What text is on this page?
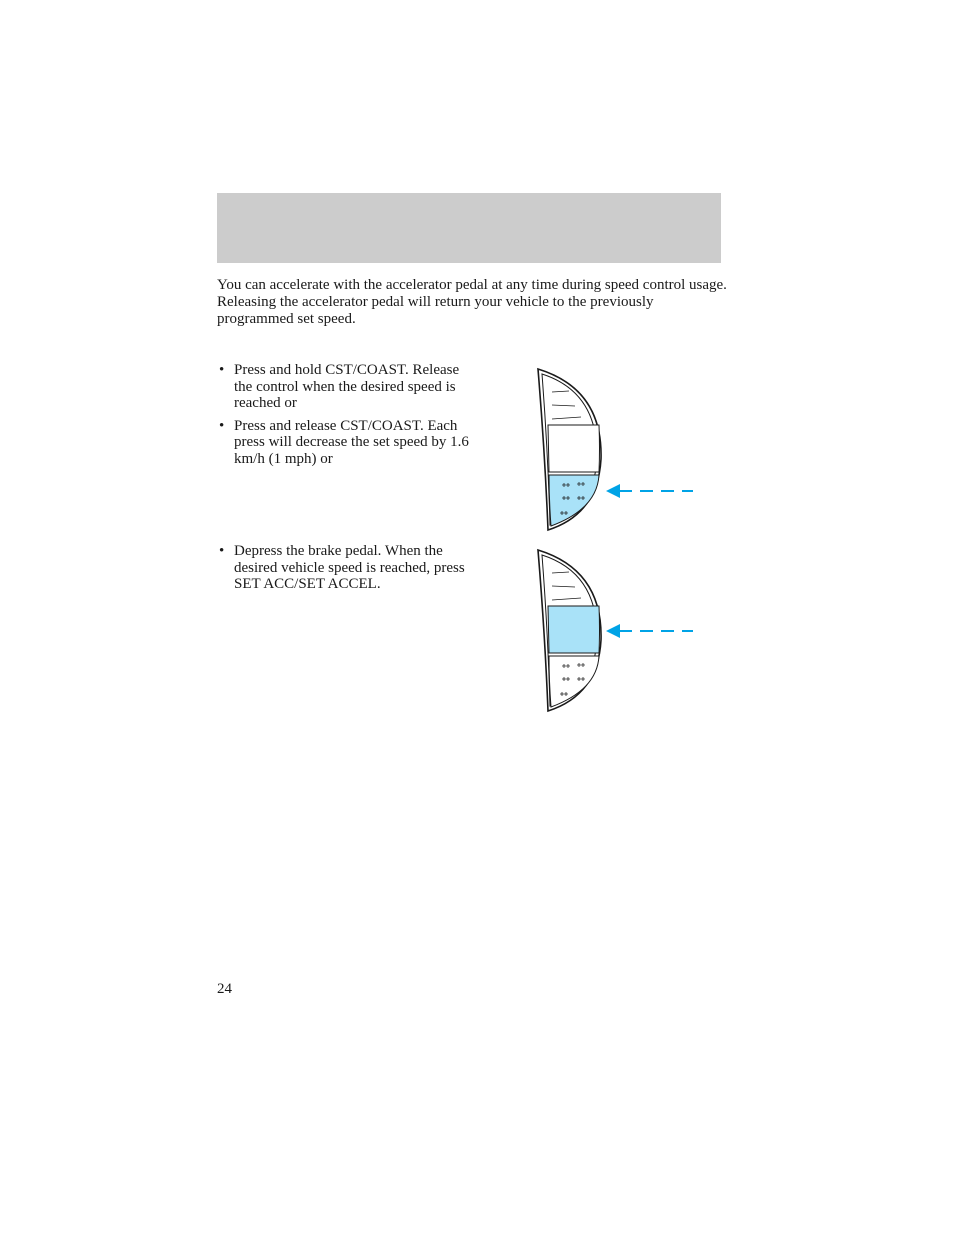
You can accelerate with the accelerator pedal at any time during speed control usage. Releasing the accelerator pedal will return your vehicle to the previously programmed set speed.

• Press and hold CST/COAST. Release the control when the desired speed is reached or
• Press and release CST/COAST. Each press will decrease the set speed by 1.6 km/h (1 mph) or
• Depress the brake pedal. When the desired vehicle speed is reached, press SET ACC/SET ACCEL.
24
